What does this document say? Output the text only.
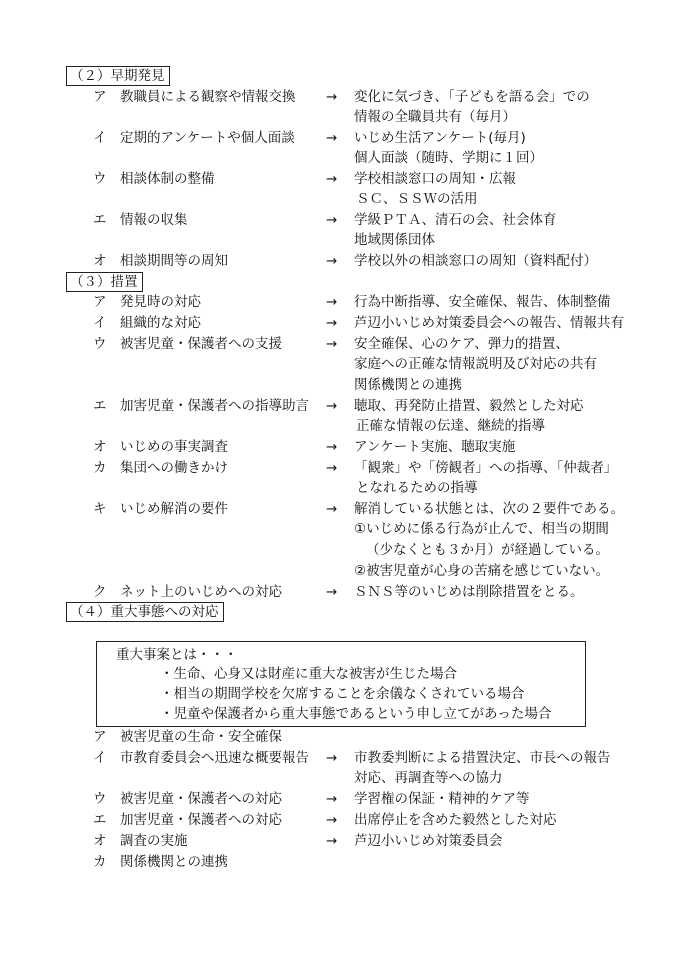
（２）早期発見
ア 教職員による観察や情報交換 → 変化に気づき、「子どもを語る会」での
情報の全職員共有（毎月）
イ 定期的アンケートや個人面談 → いじめ生活アンケート(毎月)
個人面談（随時、学期に１回）
ウ 相談体制の整備	→ 学校相談窓口の周知・広報
ＳＣ、ＳＳＷの活用
エ 情報の収集	→ 学級ＰＴＡ、清石の会、社会体育
地域関係団体
オ 相談期間等の周知	→ 学校以外の相談窓口の周知（資料配付）
（３）措置
ア 発見時の対応	→ 行為中断指導、安全確保、報告、体制整備
イ 組織的な対応	→ 芦辺小いじめ対策委員会への報告、情報共有
ウ 被害児童・保護者への支援	→ 安全確保、心のケア、弾力的措置、
家庭への正確な情報説明及び対応の共有
関係機関との連携
エ 加害児童・保護者への指導助言 → 聴取、再発防止措置、毅然とした対応
正確な情報の伝達、継続的指導
オ いじめの事実調査	→ アンケート実施、聴取実施
カ 集団への働きかけ	→ 「観衆」や「傍観者」への指導、「仲裁者」
となれるための指導
キ いじめ解消の要件	→ 解消している状態とは、次の２要件である。
①いじめに係る行為が止んで、相当の期間
（少なくとも３か月）が経過している。
②被害児童が心身の苦痛を感じていない。
ク ネット上のいじめへの対応	→ ＳＮＳ等のいじめは削除措置をとる。
（４）重大事態への対応
重大事案とは・・・
・生命、心身又は財産に重大な被害が生じた場合
・相当の期間学校を欠席することを余儀なくされている場合
・児童や保護者から重大事態であるという申し立てがあった場合
ア 被害児童の生命・安全確保
イ 市教育委員会へ迅速な概要報告 → 市教委判断による措置決定、市長への報告
対応、再調査等への協力
ウ 被害児童・保護者への対応	→ 学習権の保証・精神的ケア等
エ 加害児童・保護者への対応	→ 出席停止を含めた毅然とした対応
オ 調査の実施	→ 芦辺小いじめ対策委員会
カ 関係機関との連携
